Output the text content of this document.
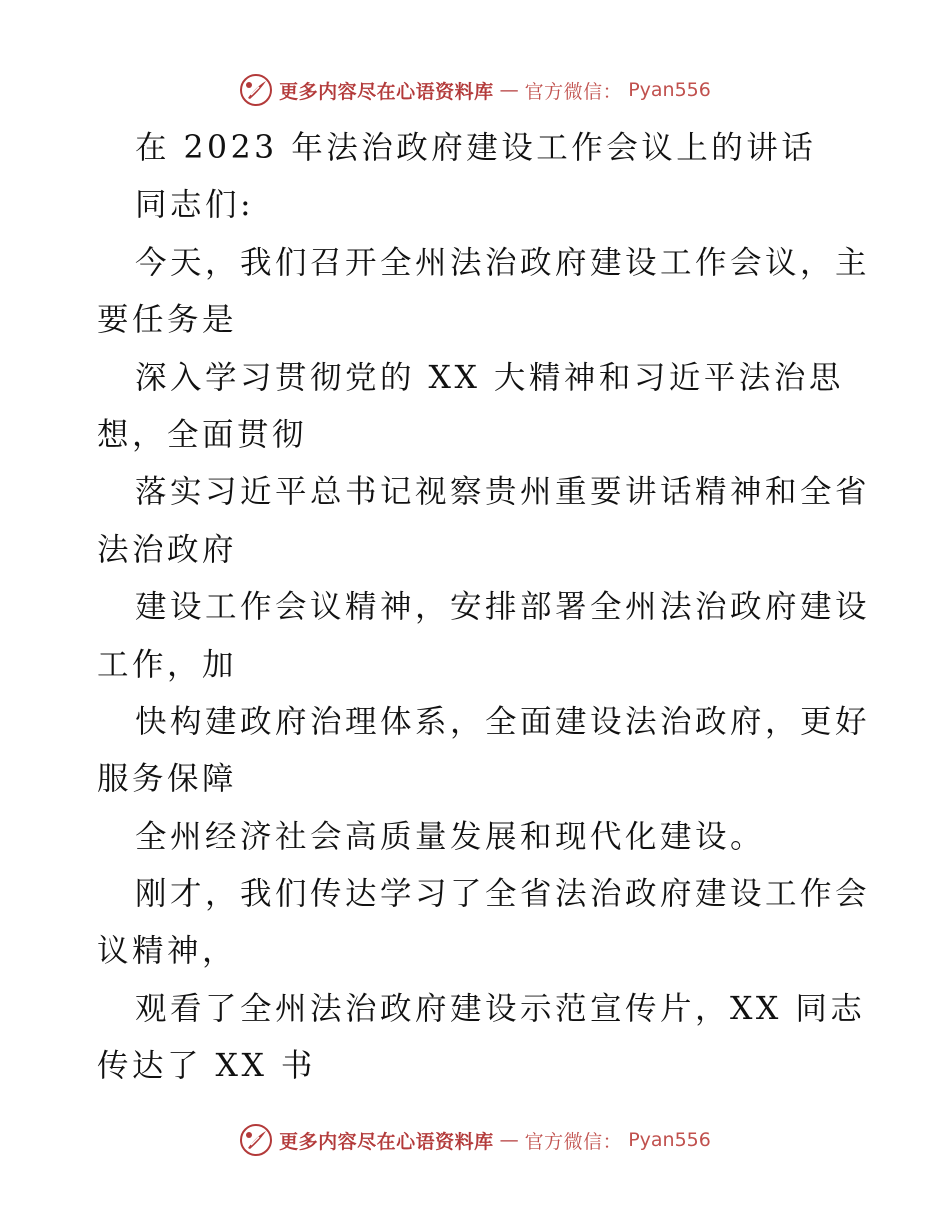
更多内容尽在心语资料库 — 官方微信： Pyan556
在 2023 年法治政府建设工作会议上的讲话
同志们:
今天，我们召开全州法治政府建设工作会议，主
要任务是
深入学习贯彻党的 XX 大精神和习近平法治思
想，全面贯彻
落实习近平总书记视察贵州重要讲话精神和全省
法治政府
建设工作会议精神，安排部署全州法治政府建设
工作，加
快构建政府治理体系，全面建设法治政府，更好
服务保障
全州经济社会高质量发展和现代化建设。
刚才，我们传达学习了全省法治政府建设工作会
议精神，
观看了全州法治政府建设示范宣传片，XX 同志
传达了 XX 书
更多内容尽在心语资料库 — 官方微信： Pyan556
